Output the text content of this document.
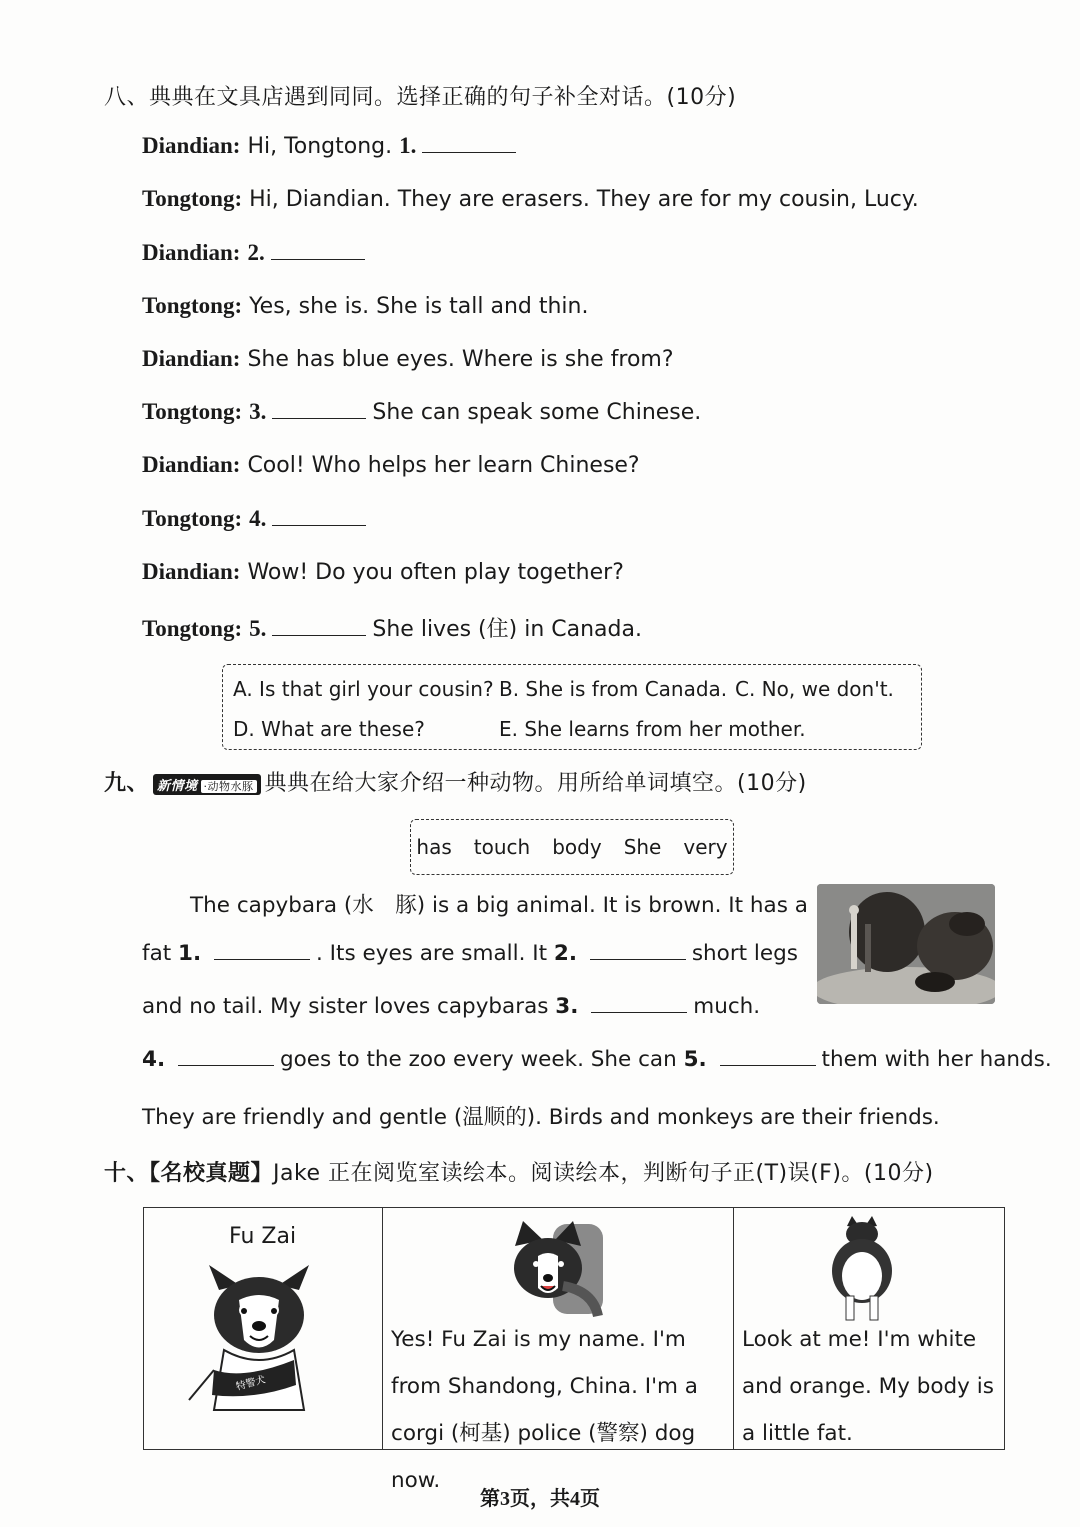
八、典典在文具店遇到同同。选择正确的句子补全对话。(10分)
Diandian: Hi, Tongtong. 1.
Tongtong: Hi, Diandian. They are erasers. They are for my cousin, Lucy.
Diandian: 2.
Tongtong: Yes, she is. She is tall and thin.
Diandian: She has blue eyes. Where is she from?
Tongtong: 3.	She can speak some Chinese.
Diandian: Cool! Who helps her learn Chinese?
Tongtong: 4.
Diandian: Wow! Do you often play together?
Tongtong: 5.	She lives (住) in Canada.
A. Is that girl your cousin? B. She is from Canada. C. No, we don't.
D. What are these?	E. She learns from her mother.
九、 新情境 ·动物水豚 典典在给大家介绍一种动物。用所给单词填空。(10分)
has touch body She very
The capybara (水　豚) is a big animal. It is brown. It has a
fat 1.	. Its eyes are small. It 2.	short legs
and no tail. My sister loves capybaras 3.	much.
4.	goes to the zoo every week. She can 5.	them with her hands.
They are friendly and gentle (温顺的). Birds and monkeys are their friends.
十、【名校真题】Jake 正在阅览室读绘本。阅读绘本，判断句子正(T)误(F)。(10分)
Fu Zai
特警犬

Yes! Fu Zai is my name. I'm from Shandong, China. I'm a corgi (柯基) police (警察) dog now.

Look at me! I'm white and orange. My body is a little fat.
第3页，共4页
